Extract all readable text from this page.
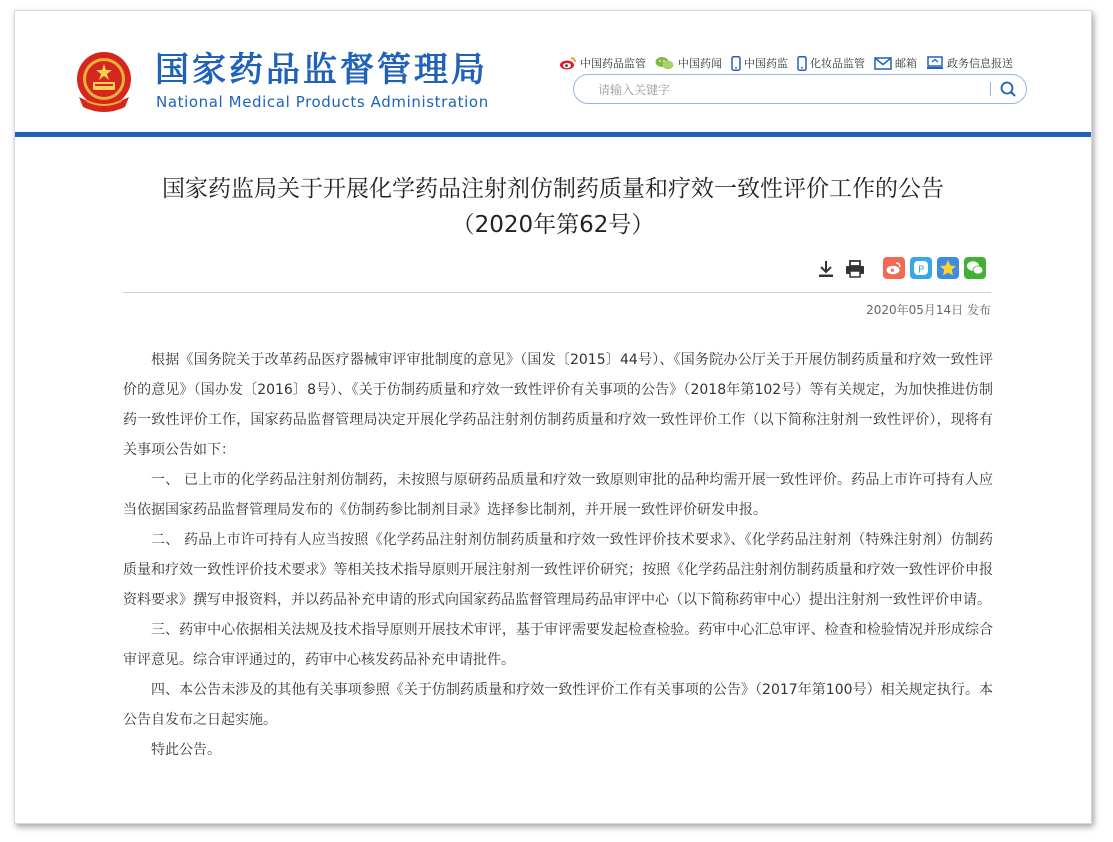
国家药品监督管理局
National Medical Products Administration
中国药品监管	中国药闻 中国药监 化妆品监管	邮箱	政务信息报送
请输入关键字
国家药监局关于开展化学药品注射剂仿制药质量和疗效一致性评价工作的公告
（2020年第62号）
P
2020年05月14日 发布

根据《国务院关于改革药品医疗器械审评审批制度的意见》（国发〔2015〕44号）、《国务院办公厅关于开展仿制药质量和疗效一致性评价的意见》（国办发〔2016〕8号）、《关于仿制药质量和疗效一致性评价有关事项的公告》（2018年第102号）等有关规定，为加快推进仿制药一致性评价工作，国家药品监督管理局决定开展化学药品注射剂仿制药质量和疗效一致性评价工作（以下简称注射剂一致性评价），现将有关事项公告如下：

一、 已上市的化学药品注射剂仿制药，未按照与原研药品质量和疗效一致原则审批的品种均需开展一致性评价。药品上市许可持有人应当依据国家药品监督管理局发布的《仿制药参比制剂目录》选择参比制剂，并开展一致性评价研发申报。

二、 药品上市许可持有人应当按照《化学药品注射剂仿制药质量和疗效一致性评价技术要求》、《化学药品注射剂（特殊注射剂）仿制药质量和疗效一致性评价技术要求》等相关技术指导原则开展注射剂一致性评价研究；按照《化学药品注射剂仿制药质量和疗效一致性评价申报资料要求》撰写申报资料，并以药品补充申请的形式向国家药品监督管理局药品审评中心（以下简称药审中心）提出注射剂一致性评价申请。

三、药审中心依据相关法规及技术指导原则开展技术审评，基于审评需要发起检查检验。药审中心汇总审评、检查和检验情况并形成综合审评意见。综合审评通过的，药审中心核发药品补充申请批件。

四、本公告未涉及的其他有关事项参照《关于仿制药质量和疗效一致性评价工作有关事项的公告》（2017年第100号）相关规定执行。本公告自发布之日起实施。

特此公告。
